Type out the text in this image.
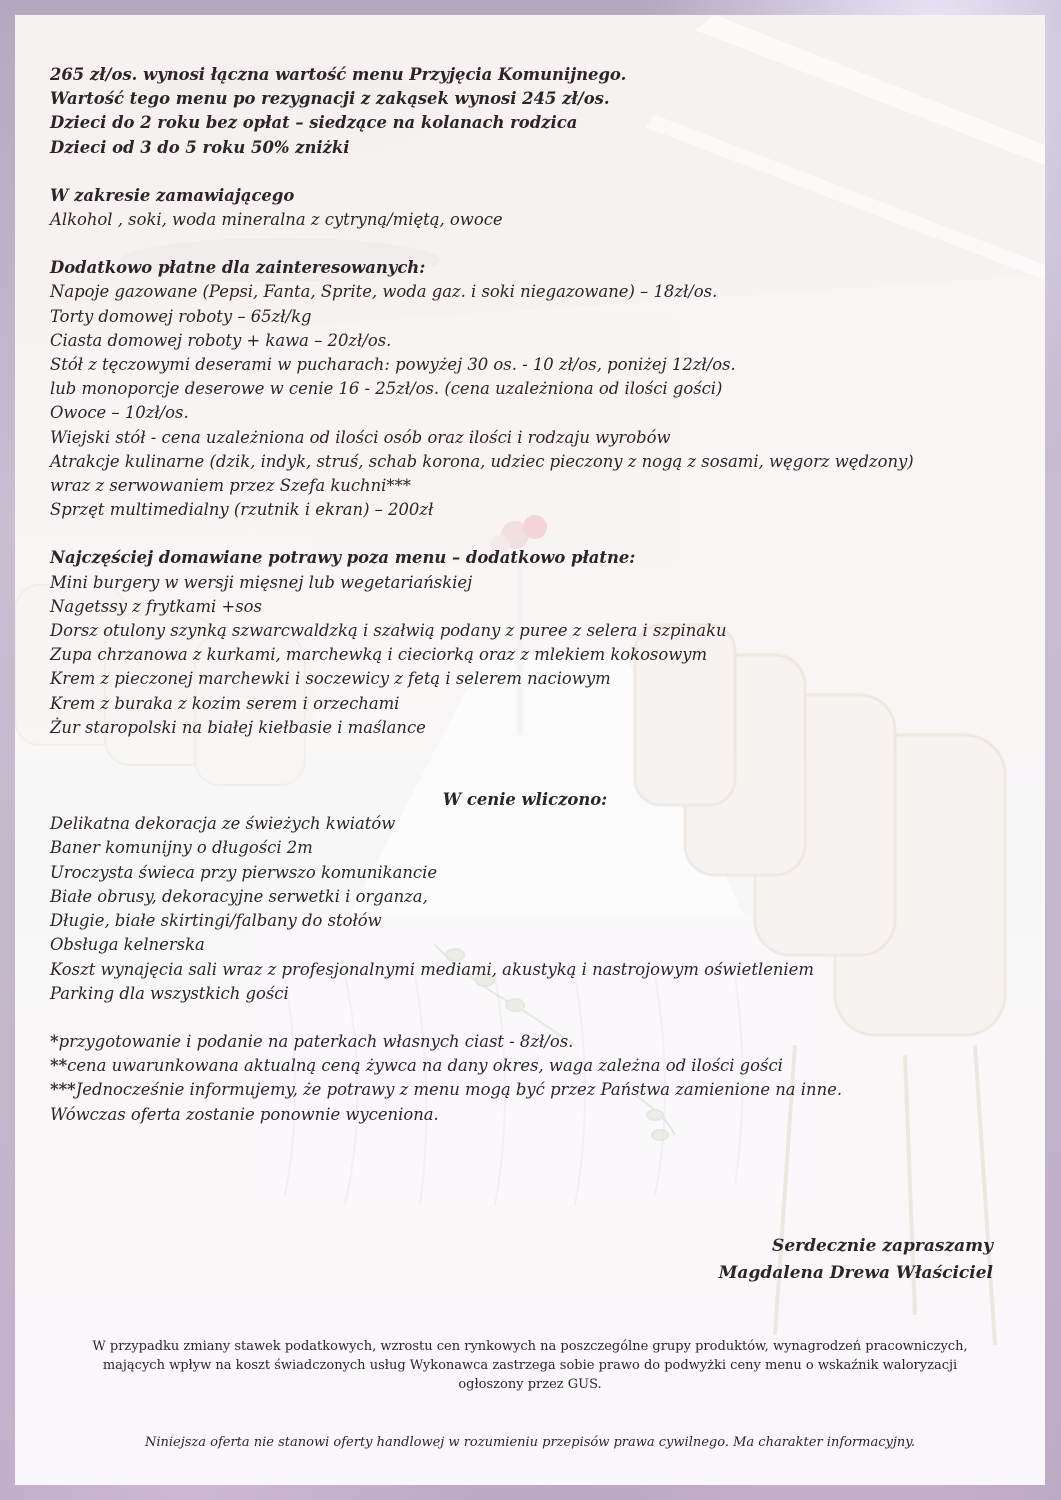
265 zł/os. wynosi łączna wartość menu Przyjęcia Komunijnego.
Wartość tego menu po rezygnacji z zakąsek wynosi 245 zł/os.
Dzieci do 2 roku bez opłat – siedzące na kolanach rodzica
Dzieci od 3 do 5 roku 50% zniżki
W zakresie zamawiającego
Alkohol , soki, woda mineralna z cytryną/miętą, owoce
Dodatkowo płatne dla zainteresowanych:
Napoje gazowane (Pepsi, Fanta, Sprite, woda gaz. i soki niegazowane) – 18zł/os.
Torty domowej roboty – 65zł/kg
Ciasta domowej roboty + kawa – 20zł/os.
Stół z tęczowymi deserami w pucharach: powyżej 30 os. - 10 zł/os, poniżej 12zł/os.
lub monoporcje deserowe w cenie 16 - 25zł/os. (cena uzależniona od ilości gości)
Owoce – 10zł/os.
Wiejski stół - cena uzależniona od ilości osób oraz ilości i rodzaju wyrobów
Atrakcje kulinarne (dzik, indyk, struś, schab korona, udziec pieczony z nogą z sosami, węgorz wędzony)
wraz z serwowaniem przez Szefa kuchni***
Sprzęt multimedialny (rzutnik i ekran) – 200zł
Najczęściej domawiane potrawy poza menu – dodatkowo płatne:
Mini burgery w wersji mięsnej lub wegetariańskiej
Nagetssy z frytkami +sos
Dorsz otulony szynką szwarcwaldzką i szałwią podany z puree z selera i szpinaku
Zupa chrzanowa z kurkami, marchewką i cieciorką oraz z mlekiem kokosowym
Krem z pieczonej marchewki i soczewicy z fetą i selerem naciowym
Krem z buraka z kozim serem i orzechami
Żur staropolski na białej kiełbasie i maślance
W cenie wliczono:
Delikatna dekoracja ze świeżych kwiatów
Baner komunijny o długości 2m
Uroczysta świeca przy pierwszo komunikancie
Białe obrusy, dekoracyjne serwetki i organza,
Długie, białe skirtingi/falbany do stołów
Obsługa kelnerska
Koszt wynajęcia sali wraz z profesjonalnymi mediami, akustyką i nastrojowym oświetleniem
Parking dla wszystkich gości
*przygotowanie i podanie na paterkach własnych ciast - 8zł/os.
**cena uwarunkowana aktualną ceną żywca na dany okres, waga zależna od ilości gości
***Jednocześnie informujemy, że potrawy z menu mogą być przez Państwa zamienione na inne.
Wówczas oferta zostanie ponownie wyceniona.
Serdecznie zapraszamy
Magdalena Drewa Właściciel
W przypadku zmiany stawek podatkowych, wzrostu cen rynkowych na poszczególne grupy produktów, wynagrodzeń pracowniczych,
mających wpływ na koszt świadczonych usług Wykonawca zastrzega sobie prawo do podwyżki ceny menu o wskaźnik waloryzacji
ogłoszony przez GUS.
Niniejsza oferta nie stanowi oferty handlowej w rozumieniu przepisów prawa cywilnego. Ma charakter informacyjny.
